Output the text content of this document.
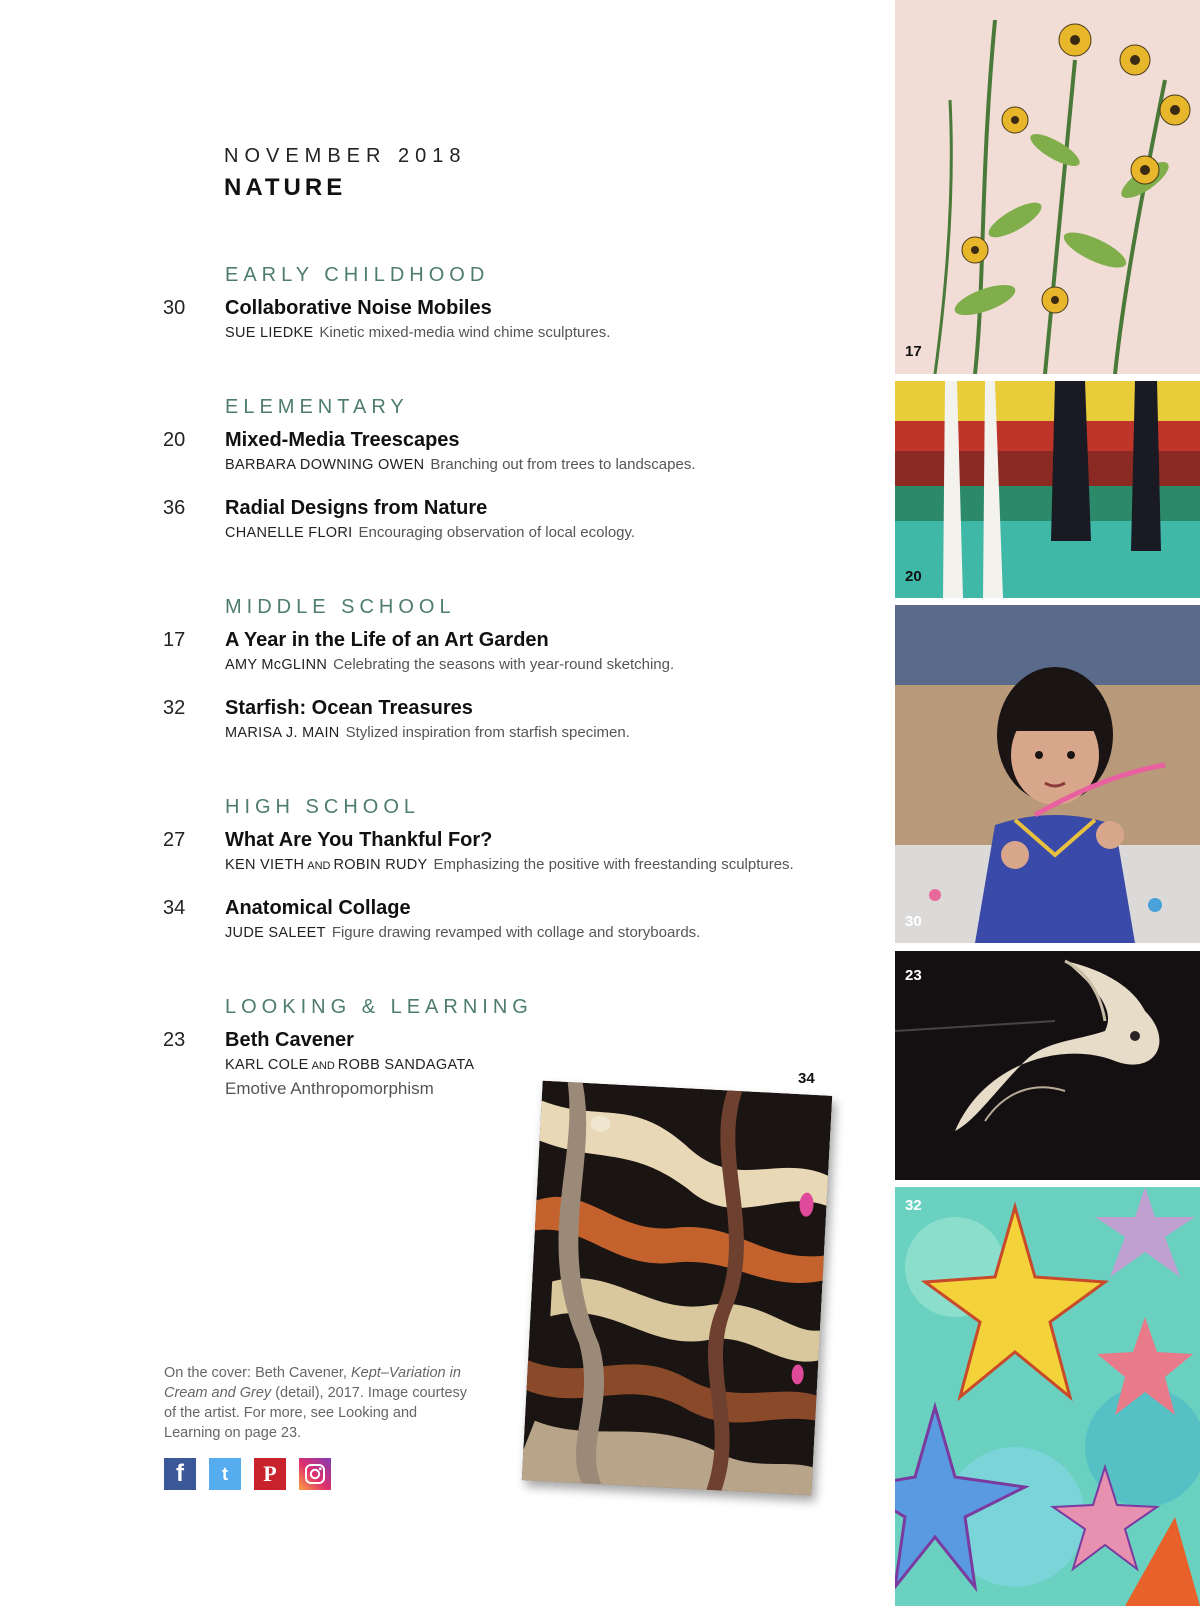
NOVEMBER 2018
NATURE
EARLY CHILDHOOD
30 Collaborative Noise Mobiles
SUE LIEDKE Kinetic mixed-media wind chime sculptures.
ELEMENTARY
20 Mixed-Media Treescapes
BARBARA DOWNING OWEN Branching out from trees to landscapes.
36 Radial Designs from Nature
CHANELLE FLORI Encouraging observation of local ecology.
MIDDLE SCHOOL
17 A Year in the Life of an Art Garden
AMY McGLINN Celebrating the seasons with year-round sketching.
32 Starfish: Ocean Treasures
MARISA J. MAIN Stylized inspiration from starfish specimen.
HIGH SCHOOL
27 What Are You Thankful For?
KEN VIETH AND ROBIN RUDY Emphasizing the positive with freestanding sculptures.
34 Anatomical Collage
JUDE SALEET Figure drawing revamped with collage and storyboards.
LOOKING & LEARNING
23 Beth Cavener
KARL COLE AND ROBB SANDAGATA
Emotive Anthropomorphism
On the cover: Beth Cavener, Kept–Variation in Cream and Grey (detail), 2017. Image courtesy of the artist. For more, see Looking and Learning on page 23.
f	t	P
34
17
20
30
23
32
